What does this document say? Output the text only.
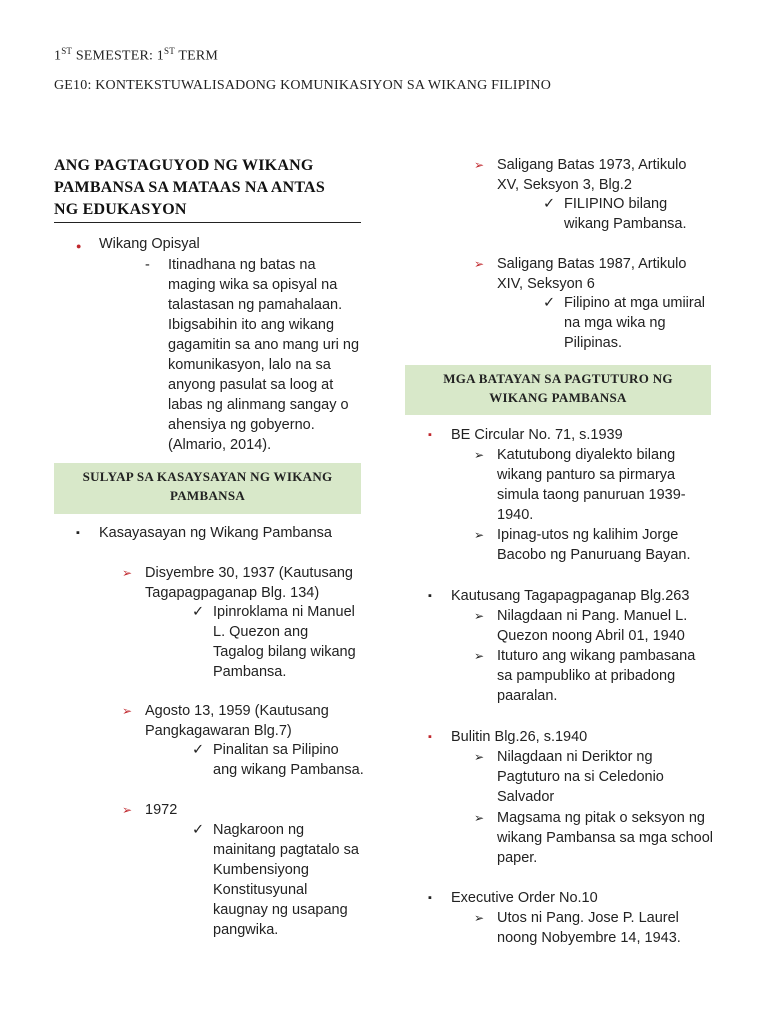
1ST SEMESTER: 1ST TERM
GE10: KONTEKSTUWALISADONG KOMUNIKASIYON SA WIKANG FILIPINO
ANG PAGTAGUYOD NG WIKANG
PAMBANSA SA MATAAS NA ANTAS
NG EDUKASYON
● Wikang Opisyal
- Itinadhana ng batas na
maging wika sa opisyal na
talastasan ng pamahalaan.
Ibigsabihin ito ang wikang
gagamitin sa ano mang uri ng
komunikasyon, lalo na sa
anyong pasulat sa loog at
labas ng alinmang sangay o
ahensiya ng gobyerno.
(Almario, 2014).
SULYAP SA KASAYSAYAN NG WIKANG
PAMBANSA
▪ Kasayasayan ng Wikang Pambansa
➢ Disyembre 30, 1937 (Kautusang
Tagapagpaganap Blg. 134)
✓ Ipinroklama ni Manuel
L. Quezon ang
Tagalog bilang wikang
Pambansa.
➢ Agosto 13, 1959 (Kautusang
Pangkagawaran Blg.7)
✓ Pinalitan sa Pilipino
ang wikang Pambansa.
➢ 1972
✓ Nagkaroon ng
mainitang pagtatalo sa
Kumbensiyong
Konstitusyunal
kaugnay ng usapang
pangwika.
➢ Saligang Batas 1973, Artikulo
XV, Seksyon 3, Blg.2
✓ FILIPINO bilang
wikang Pambansa.
➢ Saligang Batas 1987, Artikulo
XIV, Seksyon 6
✓ Filipino at mga umiiral
na mga wika ng
Pilipinas.
MGA BATAYAN SA PAGTUTURO NG
WIKANG PAMBANSA
▪ BE Circular No. 71, s.1939
➢ Katutubong diyalekto bilang
wikang panturo sa pirmarya
simula taong panuruan 1939-
1940.
➢ Ipinag-utos ng kalihim Jorge
Bacobo ng Panuruang Bayan.
▪ Kautusang Tagapagpaganap Blg.263
➢ Nilagdaan ni Pang. Manuel L.
Quezon noong Abril 01, 1940
➢ Ituturo ang wikang pambasana
sa pampubliko at pribadong
paaralan.
▪ Bulitin Blg.26, s.1940
➢ Nilagdaan ni Deriktor ng
Pagtuturo na si Celedonio
Salvador
➢ Magsama ng pitak o seksyon ng
wikang Pambansa sa mga school
paper.
▪ Executive Order No.10
➢ Utos ni Pang. Jose P. Laurel
noong Nobyembre 14, 1943.
